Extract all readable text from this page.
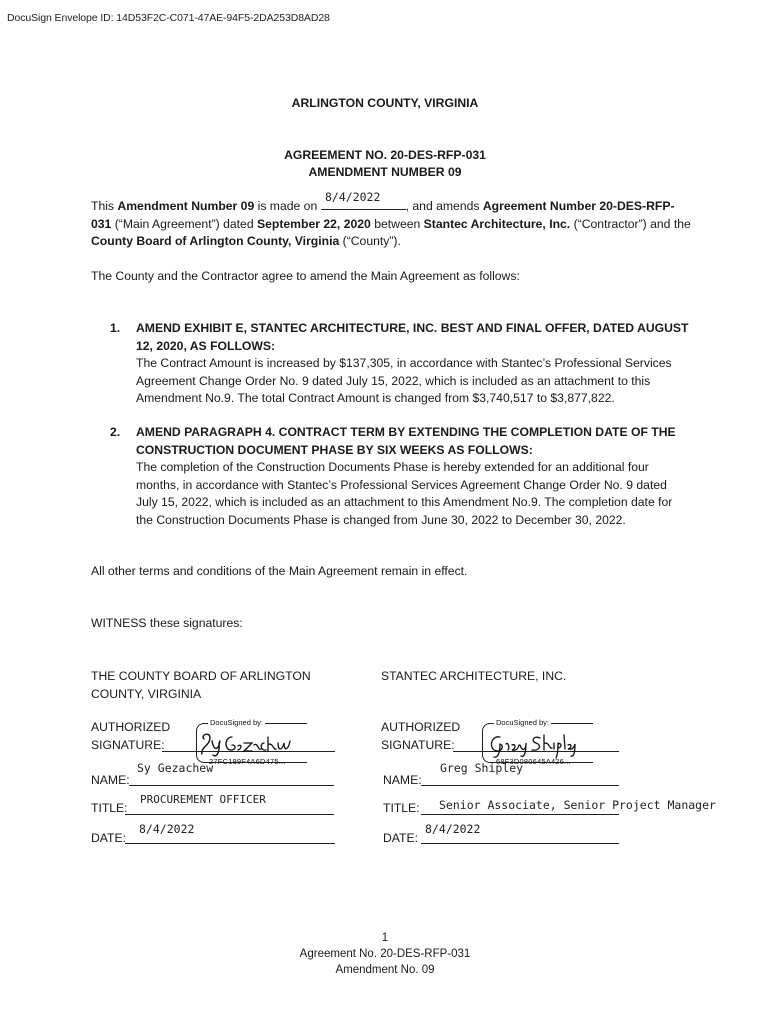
DocuSign Envelope ID: 14D53F2C-C071-47AE-94F5-2DA253D8AD28
ARLINGTON COUNTY, VIRGINIA
AGREEMENT NO. 20-DES-RFP-031
AMENDMENT NUMBER 09
8/4/2022
This Amendment Number 09 is made on	, and amends Agreement Number 20-DES-RFP-031 (“Main Agreement”) dated September 22, 2020 between Stantec Architecture, Inc. (“Contractor”) and the County Board of Arlington County, Virginia (“County”).
The County and the Contractor agree to amend the Main Agreement as follows:
1. AMEND EXHIBIT E, STANTEC ARCHITECTURE, INC. BEST AND FINAL OFFER, DATED AUGUST 12, 2020, AS FOLLOWS:
The Contract Amount is increased by $137,305, in accordance with Stantec’s Professional Services Agreement Change Order No. 9 dated July 15, 2022, which is included as an attachment to this Amendment No.9. The total Contract Amount is changed from $3,740,517 to $3,877,822.
2. AMEND PARAGRAPH 4. CONTRACT TERM BY EXTENDING THE COMPLETION DATE OF THE CONSTRUCTION DOCUMENT PHASE BY SIX WEEKS AS FOLLOWS:
The completion of the Construction Documents Phase is hereby extended for an additional four months, in accordance with Stantec’s Professional Services Agreement Change Order No. 9 dated July 15, 2022, which is included as an attachment to this Amendment No.9. The completion date for the Construction Documents Phase is changed from June 30, 2022 to December 30, 2022.
All other terms and conditions of the Main Agreement remain in effect.
WITNESS these signatures:
THE COUNTY BOARD OF ARLINGTON
COUNTY, VIRGINIA
AUTHORIZED
SIGNATURE:
DocuSigned by:
27FC199F4A6D475...
Sy Gezachew
NAME:
PROCUREMENT OFFICER
TITLE:
8/4/2022
DATE:
STANTEC ARCHITECTURE, INC.
AUTHORIZED
SIGNATURE:
DocuSigned by:
68F3D080645A426...
Greg Shipley
NAME:
Senior Associate, Senior Project Manager
TITLE:
8/4/2022
DATE:
1
Agreement No. 20-DES-RFP-031
Amendment No. 09
